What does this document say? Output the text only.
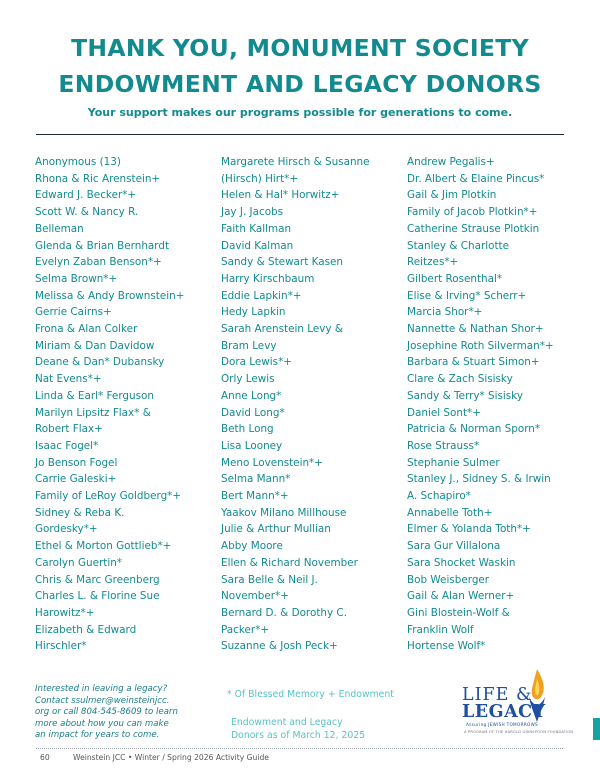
THANK YOU, MONUMENT SOCIETY
ENDOWMENT AND LEGACY DONORS

Your support makes our programs possible for generations to come.

Anonymous (13)
Rhona & Ric Arenstein+
Edward J. Becker*+
Scott W. & Nancy R.
Belleman
Glenda & Brian Bernhardt
Evelyn Zaban Benson*+
Selma Brown*+
Melissa & Andy Brownstein+
Gerrie Cairns+
Frona & Alan Colker
Miriam & Dan Davidow
Deane & Dan* Dubansky
Nat Evens*+
Linda & Earl* Ferguson
Marilyn Lipsitz Flax* &
Robert Flax+
Isaac Fogel*
Jo Benson Fogel
Carrie Galeski+
Family of LeRoy Goldberg*+
Sidney & Reba K.
Gordesky*+
Ethel & Morton Gottlieb*+
Carolyn Guertin*
Chris & Marc Greenberg
Charles L. & Florine Sue
Harowitz*+
Elizabeth & Edward
Hirschler*
Margarete Hirsch & Susanne
(Hirsch) Hirt*+
Helen & Hal* Horwitz+
Jay J. Jacobs
Faith Kallman
David Kalman
Sandy & Stewart Kasen
Harry Kirschbaum
Eddie Lapkin*+
Hedy Lapkin
Sarah Arenstein Levy &
Bram Levy
Dora Lewis*+
Orly Lewis
Anne Long*
David Long*
Beth Long
Lisa Looney
Meno Lovenstein*+
Selma Mann*
Bert Mann*+
Yaakov Milano Millhouse
Julie & Arthur Mullian
Abby Moore
Ellen & Richard November
Sara Belle & Neil J.
November*+
Bernard D. & Dorothy C.
Packer*+
Suzanne & Josh Peck+
Andrew Pegalis+
Dr. Albert & Elaine Pincus*
Gail & Jim Plotkin
Family of Jacob Plotkin*+
Catherine Strause Plotkin
Stanley & Charlotte
Reitzes*+
Gilbert Rosenthal*
Elise & Irving* Scherr+
Marcia Shor*+
Nannette & Nathan Shor+
Josephine Roth Silverman*+
Barbara & Stuart Simon+
Clare & Zach Sisisky
Sandy & Terry* Sisisky
Daniel Sont*+
Patricia & Norman Sporn*
Rose Strauss*
Stephanie Sulmer
Stanley J., Sidney S. & Irwin
A. Schapiro*
Annabelle Toth+
Elmer & Yolanda Toth*+
Sara Gur Villalona
Sara Shocket Waskin
Bob Weisberger
Gail & Alan Werner+
Gini Blostein-Wolf &
Franklin Wolf
Hortense Wolf*
Interested in leaving a legacy?
Contact ssulmer@weinsteinjcc.
org or call 804-545-8609 to learn
more about how you can make
an impact for years to come.
* Of Blessed Memory + Endowment
Endowment and Legacy
Donors as of March 12, 2025
LIFE &
LEGACY
Assuring JEWISH TOMORROWS
A PROGRAM OF THE HAROLD GRINSPOON FOUNDATION
60	Weinstein JCC • Winter / Spring 2026 Activity Guide
